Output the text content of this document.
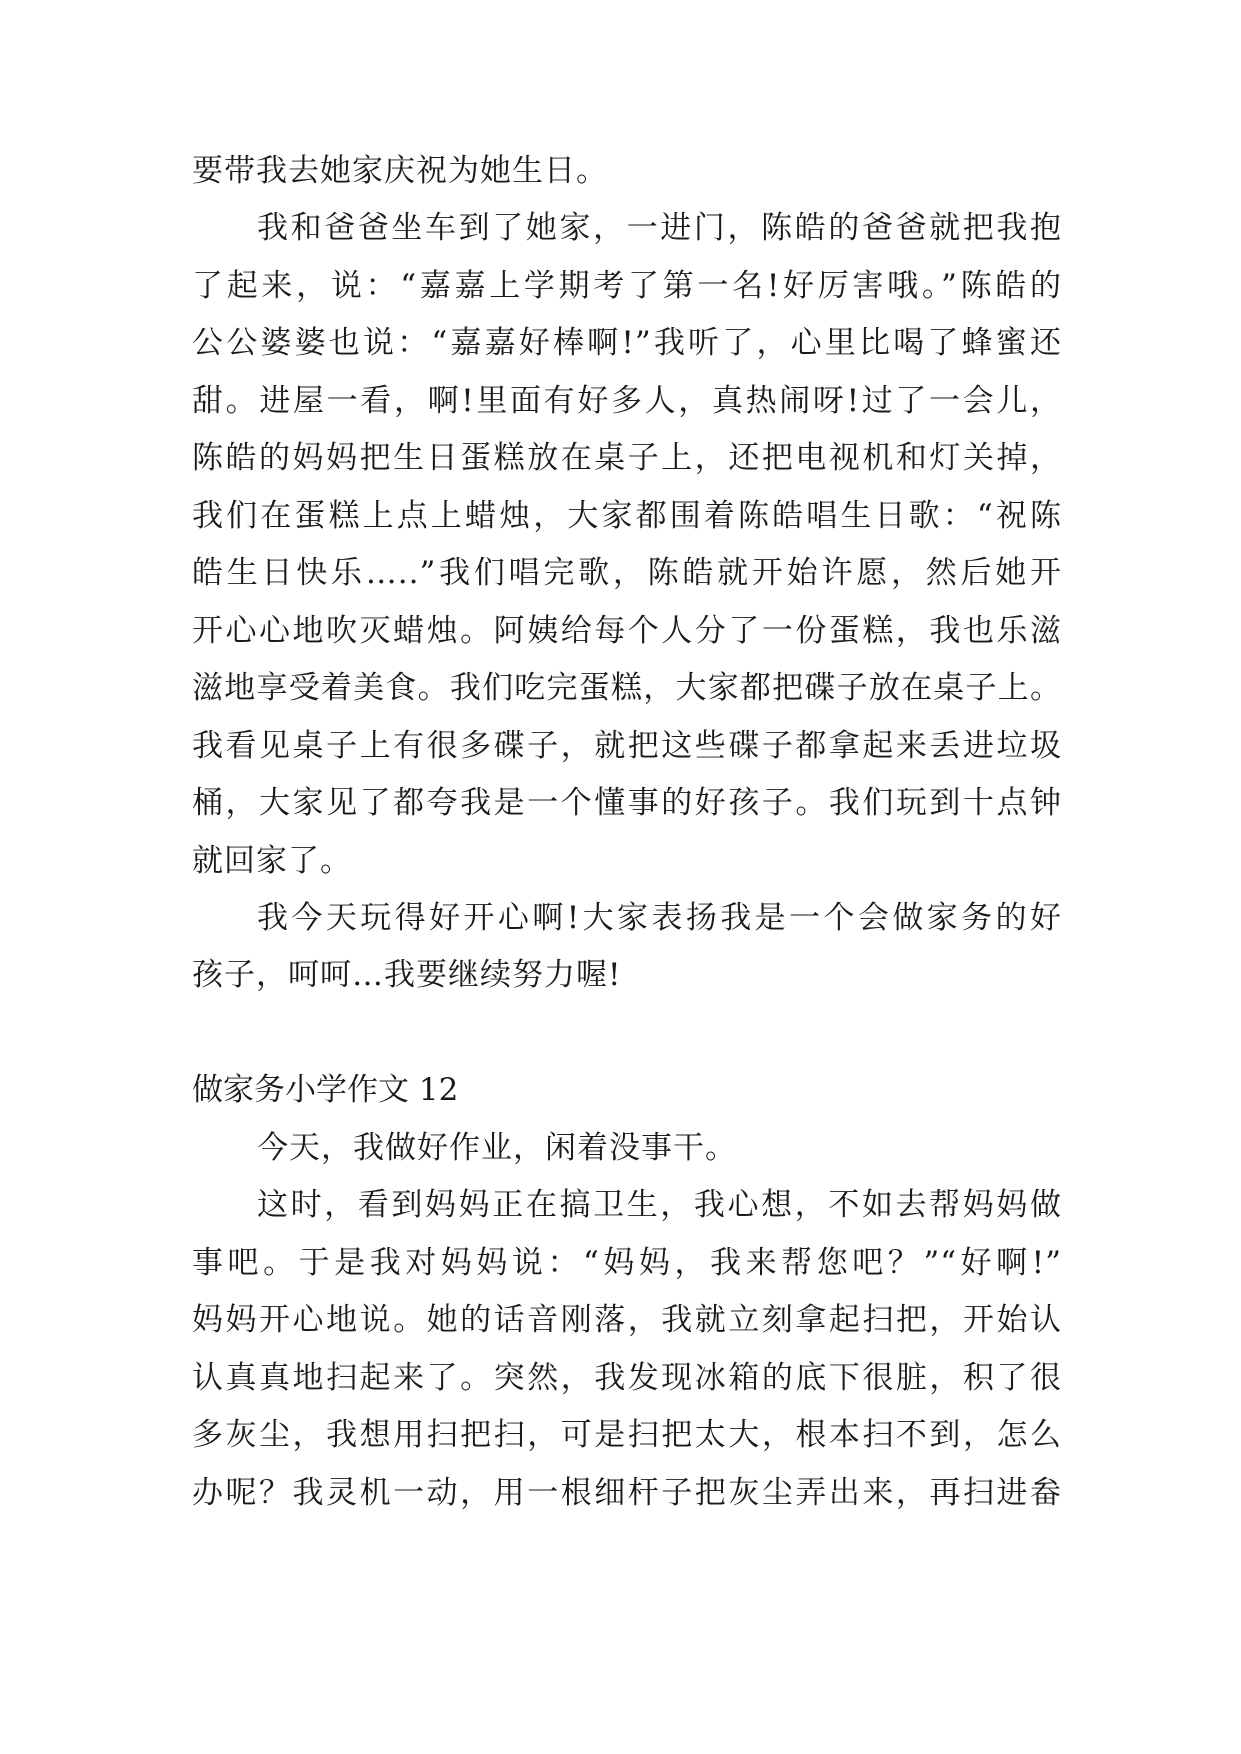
要带我去她家庆祝为她生日。
我和爸爸坐车到了她家，一进门，陈皓的爸爸就把我抱
了起来，说：“嘉嘉上学期考了第一名!好厉害哦。”陈皓的
公公婆婆也说：“嘉嘉好棒啊!”我听了，心里比喝了蜂蜜还
甜。进屋一看，啊!里面有好多人，真热闹呀!过了一会儿，
陈皓的妈妈把生日蛋糕放在桌子上，还把电视机和灯关掉，
我们在蛋糕上点上蜡烛，大家都围着陈皓唱生日歌：“祝陈
皓生日快乐…..”我们唱完歌，陈皓就开始许愿，然后她开
开心心地吹灭蜡烛。阿姨给每个人分了一份蛋糕，我也乐滋
滋地享受着美食。我们吃完蛋糕，大家都把碟子放在桌子上。
我看见桌子上有很多碟子，就把这些碟子都拿起来丢进垃圾
桶，大家见了都夸我是一个懂事的好孩子。我们玩到十点钟
就回家了。
我今天玩得好开心啊!大家表扬我是一个会做家务的好
孩子，呵呵…我要继续努力喔!
做家务小学作文 12
今天，我做好作业，闲着没事干。
这时，看到妈妈正在搞卫生，我心想，不如去帮妈妈做
事吧。于是我对妈妈说：“妈妈，我来帮您吧？”“好啊!”
妈妈开心地说。她的话音刚落，我就立刻拿起扫把，开始认
认真真地扫起来了。突然，我发现冰箱的底下很脏，积了很
多灰尘，我想用扫把扫，可是扫把太大，根本扫不到，怎么
办呢？我灵机一动，用一根细杆子把灰尘弄出来，再扫进畚
